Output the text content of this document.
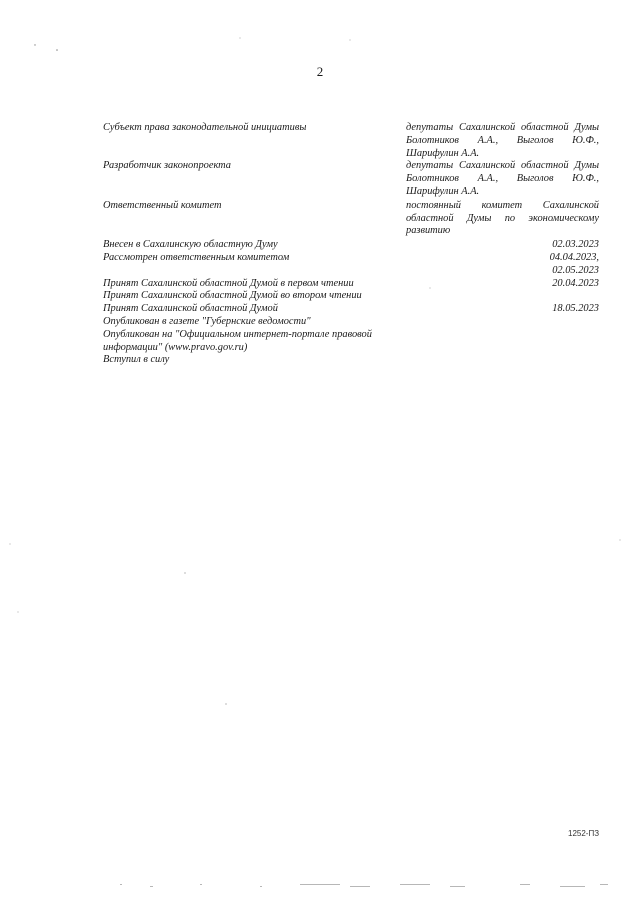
2
Субъект права законодательной инициативы	депутаты Сахалинской областной Думы Болотников А.А., Выголов Ю.Ф., Шарифулин А.А.
Разработчик законопроекта	депутаты Сахалинской областной Думы Болотников А.А., Выголов Ю.Ф., Шарифулин А.А.
Ответственный комитет	постоянный комитет Сахалинской областной Думы по экономическому развитию
Внесен в Сахалинскую областную Думу	02.03.2023
Рассмотрен ответственным комитетом	04.04.2023,
02.05.2023
Принят Сахалинской областной Думой в первом чтении	20.04.2023
Принят Сахалинской областной Думой во втором чтении
Принят Сахалинской областной Думой	18.05.2023
Опубликован в газете "Губернские ведомости"
Опубликован на "Официальном интернет-портале правовой информации" (www.pravo.gov.ru)
Вступил в силу
1252-ПЗ
